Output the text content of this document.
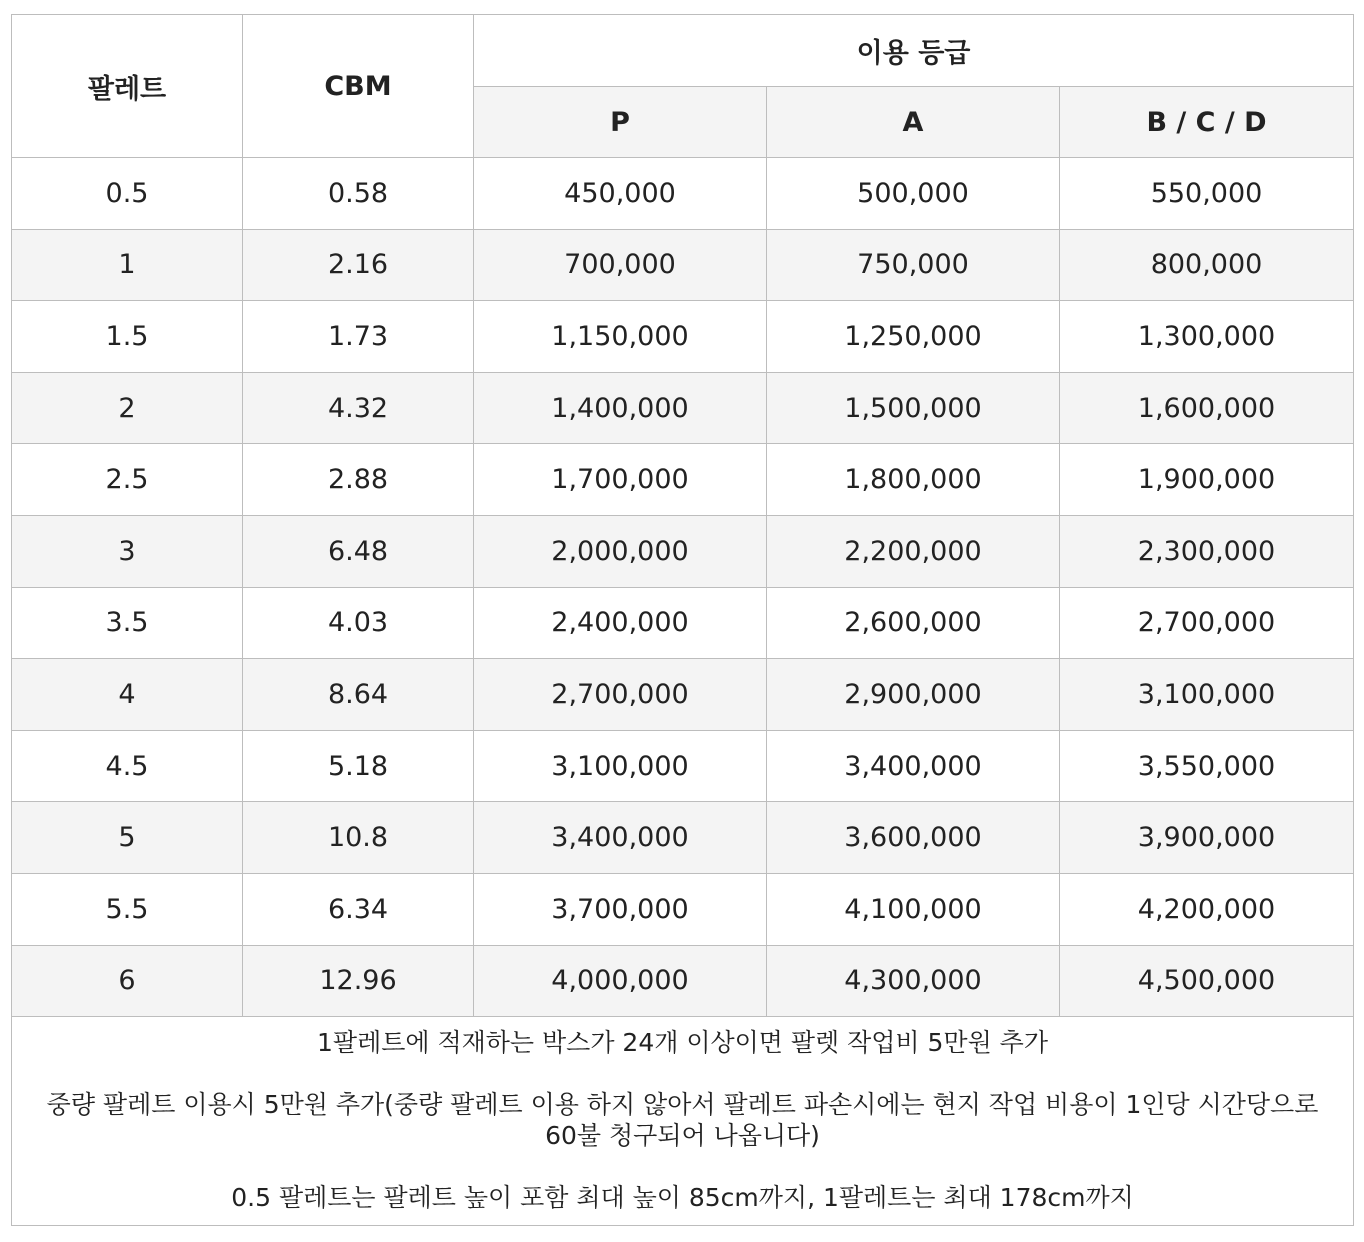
팔레트	CBM	이용 등급		
		P	A	B / C / D
0.5	0.58	450,000	500,000	550,000
1	2.16	700,000	750,000	800,000
1.5	1.73	1,150,000	1,250,000	1,300,000
2	4.32	1,400,000	1,500,000	1,600,000
2.5	2.88	1,700,000	1,800,000	1,900,000
3	6.48	2,000,000	2,200,000	2,300,000
3.5	4.03	2,400,000	2,600,000	2,700,000
4	8.64	2,700,000	2,900,000	3,100,000
4.5	5.18	3,100,000	3,400,000	3,550,000
5	10.8	3,400,000	3,600,000	3,900,000
5.5	6.34	3,700,000	4,100,000	4,200,000
6	12.96	4,000,000	4,300,000	4,500,000

1팔레트에 적재하는 박스가 24개 이상이면 팔렛 작업비 5만원 추가
중량 팔레트 이용시 5만원 추가(중량 팔레트 이용 하지 않아서 팔레트 파손시에는 현지 작업 비용이 1인당 시간당으로 60불 청구되어 나옵니다)
0.5 팔레트는 팔레트 높이 포함 최대 높이 85cm까지, 1팔레트는 최대 178cm까지				
